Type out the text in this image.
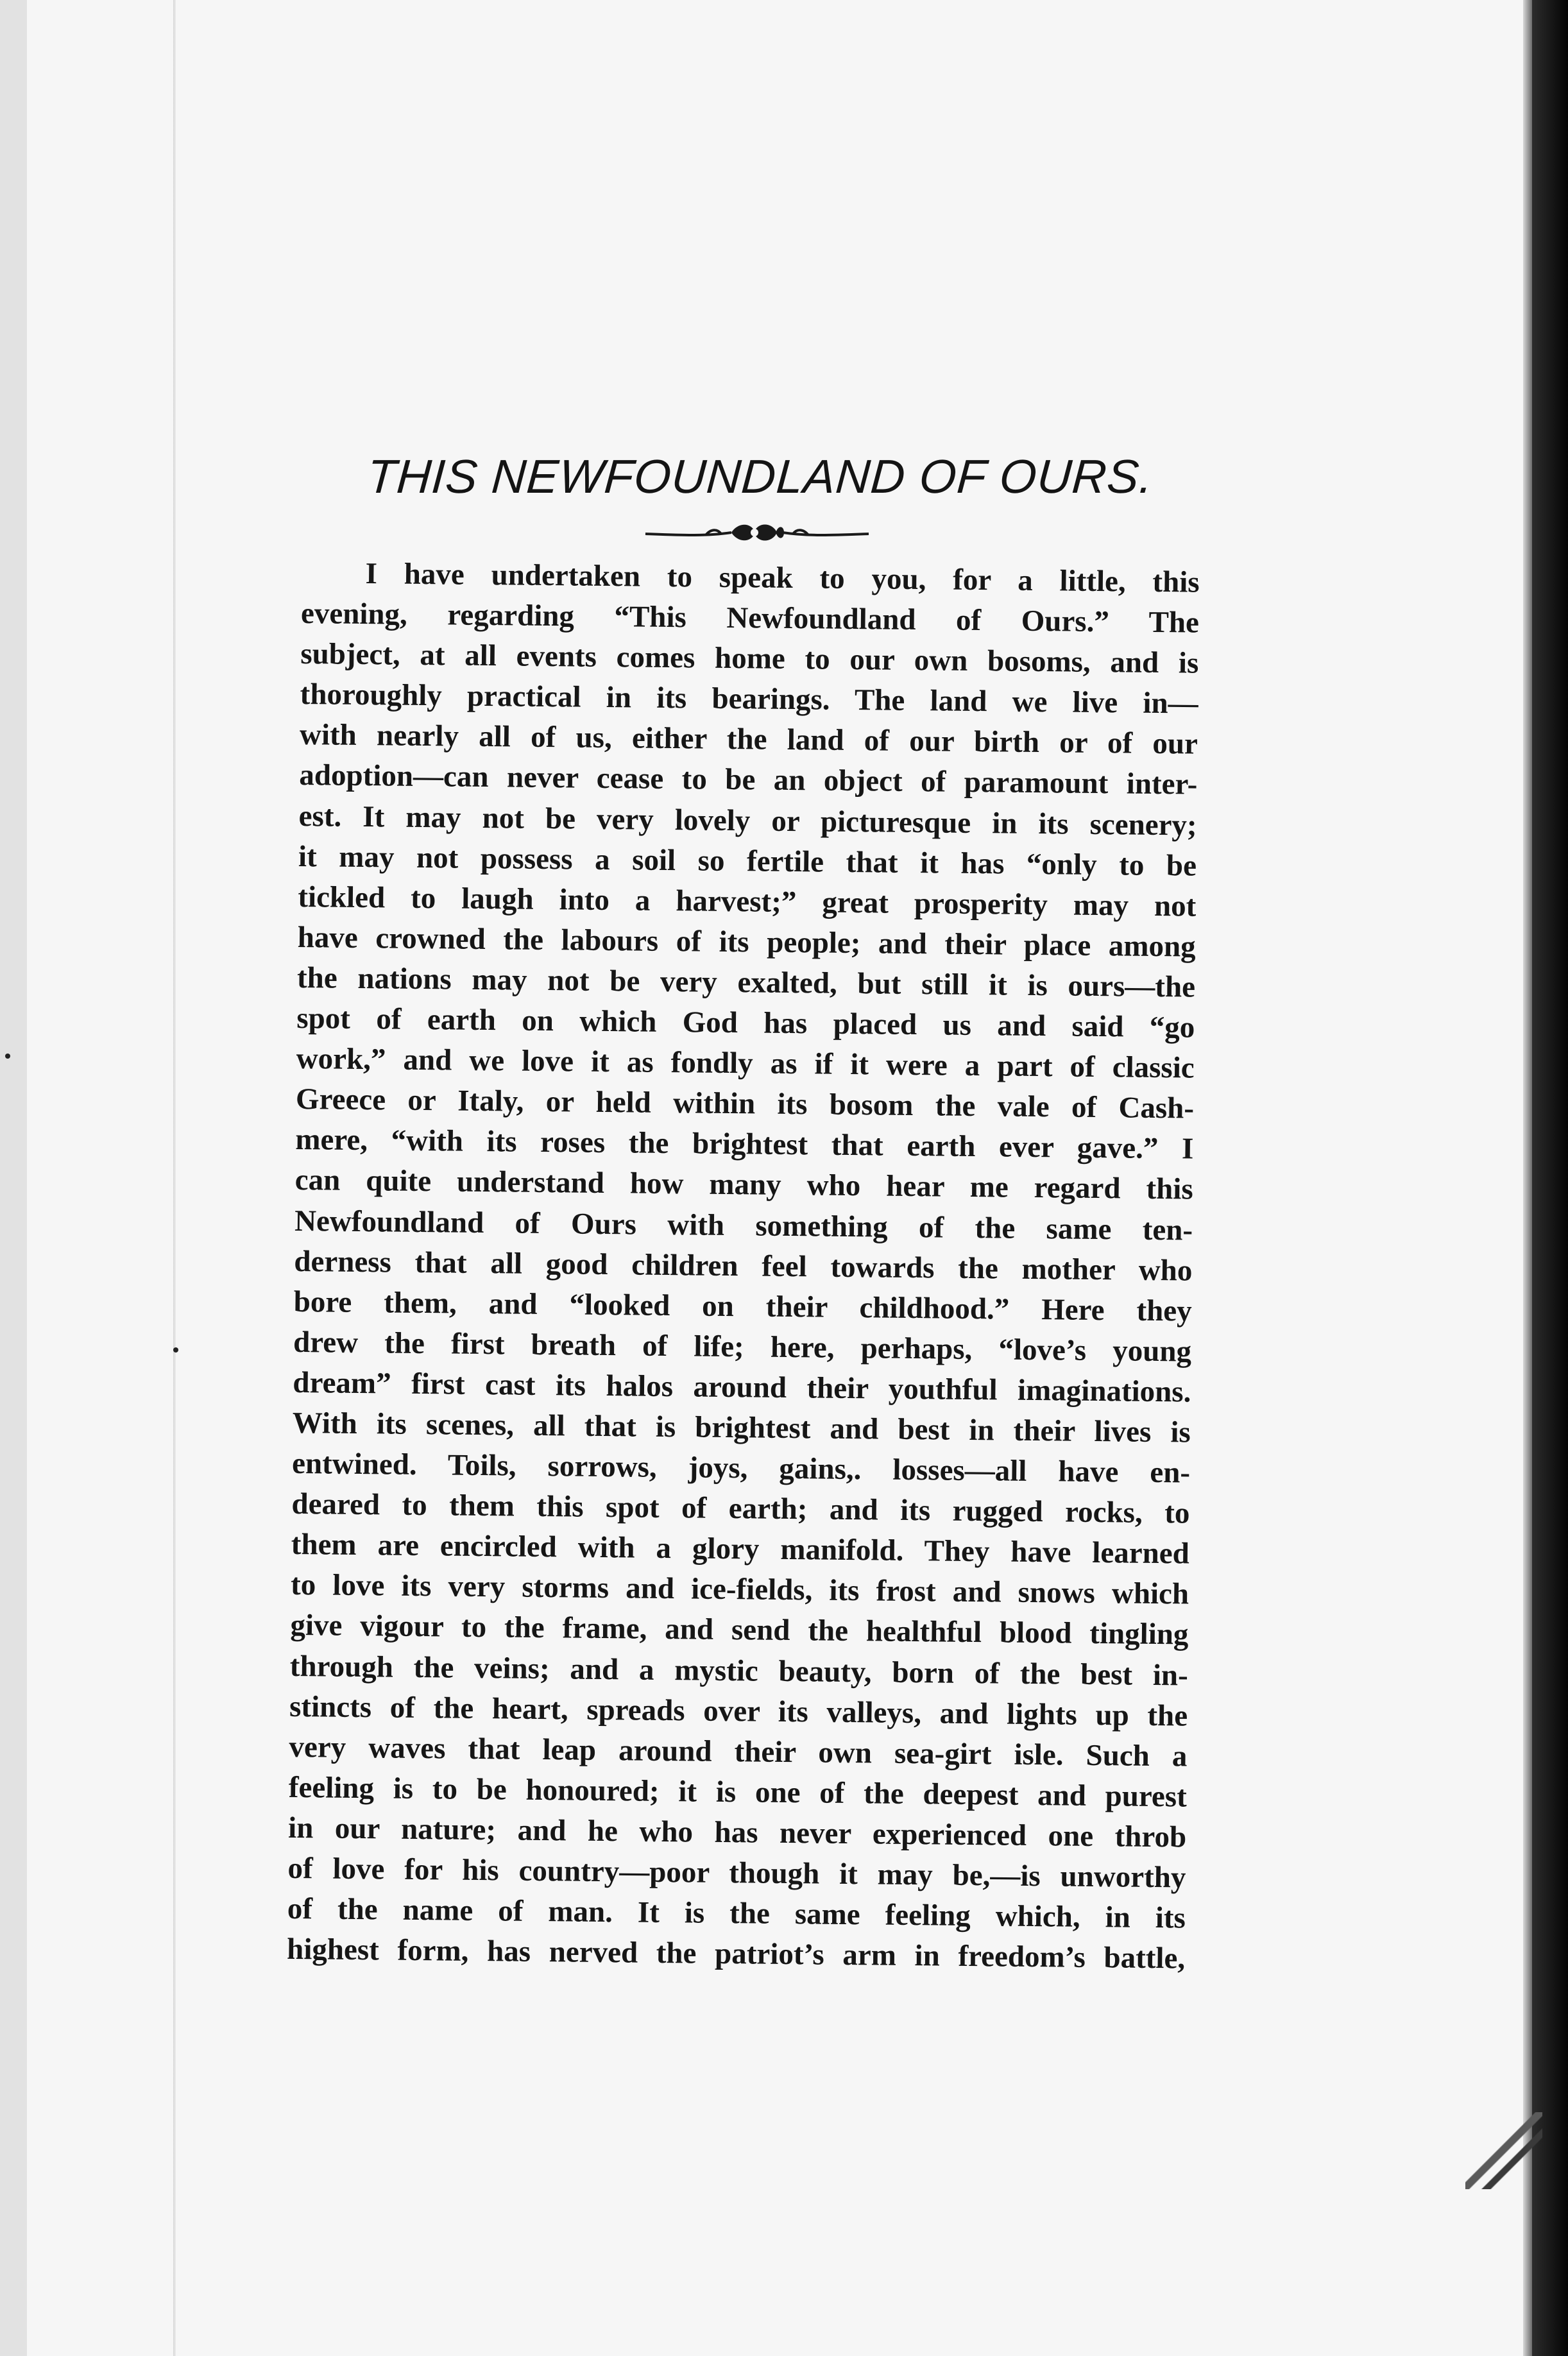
THIS NEWFOUNDLAND OF OURS.
I have undertaken to speak to you, for a little, this
evening, regarding “This Newfoundland of Ours.” The
subject, at all events comes home to our own bosoms, and is
thoroughly practical in its bearings. The land we live in—
with nearly all of us, either the land of our birth or of our
adoption—can never cease to be an object of paramount inter-
est. It may not be very lovely or picturesque in its scenery;
it may not possess a soil so fertile that it has “only to be
tickled to laugh into a harvest;” great prosperity may not
have crowned the labours of its people; and their place among
the nations may not be very exalted, but still it is ours—the
spot of earth on which God has placed us and said “go
work,” and we love it as fondly as if it were a part of classic
Greece or Italy, or held within its bosom the vale of Cash-
mere, “with its roses the brightest that earth ever gave.” I
can quite understand how many who hear me regard this
Newfoundland of Ours with something of the same ten-
derness that all good children feel towards the mother who
bore them, and “looked on their childhood.” Here they
drew the first breath of life; here, perhaps, “love’s young
dream” first cast its halos around their youthful imaginations.
With its scenes, all that is brightest and best in their lives is
entwined. Toils, sorrows, joys, gains,. losses—all have en-
deared to them this spot of earth; and its rugged rocks, to
them are encircled with a glory manifold. They have learned
to love its very storms and ice-fields, its frost and snows which
give vigour to the frame, and send the healthful blood tingling
through the veins; and a mystic beauty, born of the best in-
stincts of the heart, spreads over its valleys, and lights up the
very waves that leap around their own sea-girt isle. Such a
feeling is to be honoured; it is one of the deepest and purest
in our nature; and he who has never experienced one throb
of love for his country—poor though it may be,—is unworthy
of the name of man. It is the same feeling which, in its
highest form, has nerved the patriot’s arm in freedom’s battle,
